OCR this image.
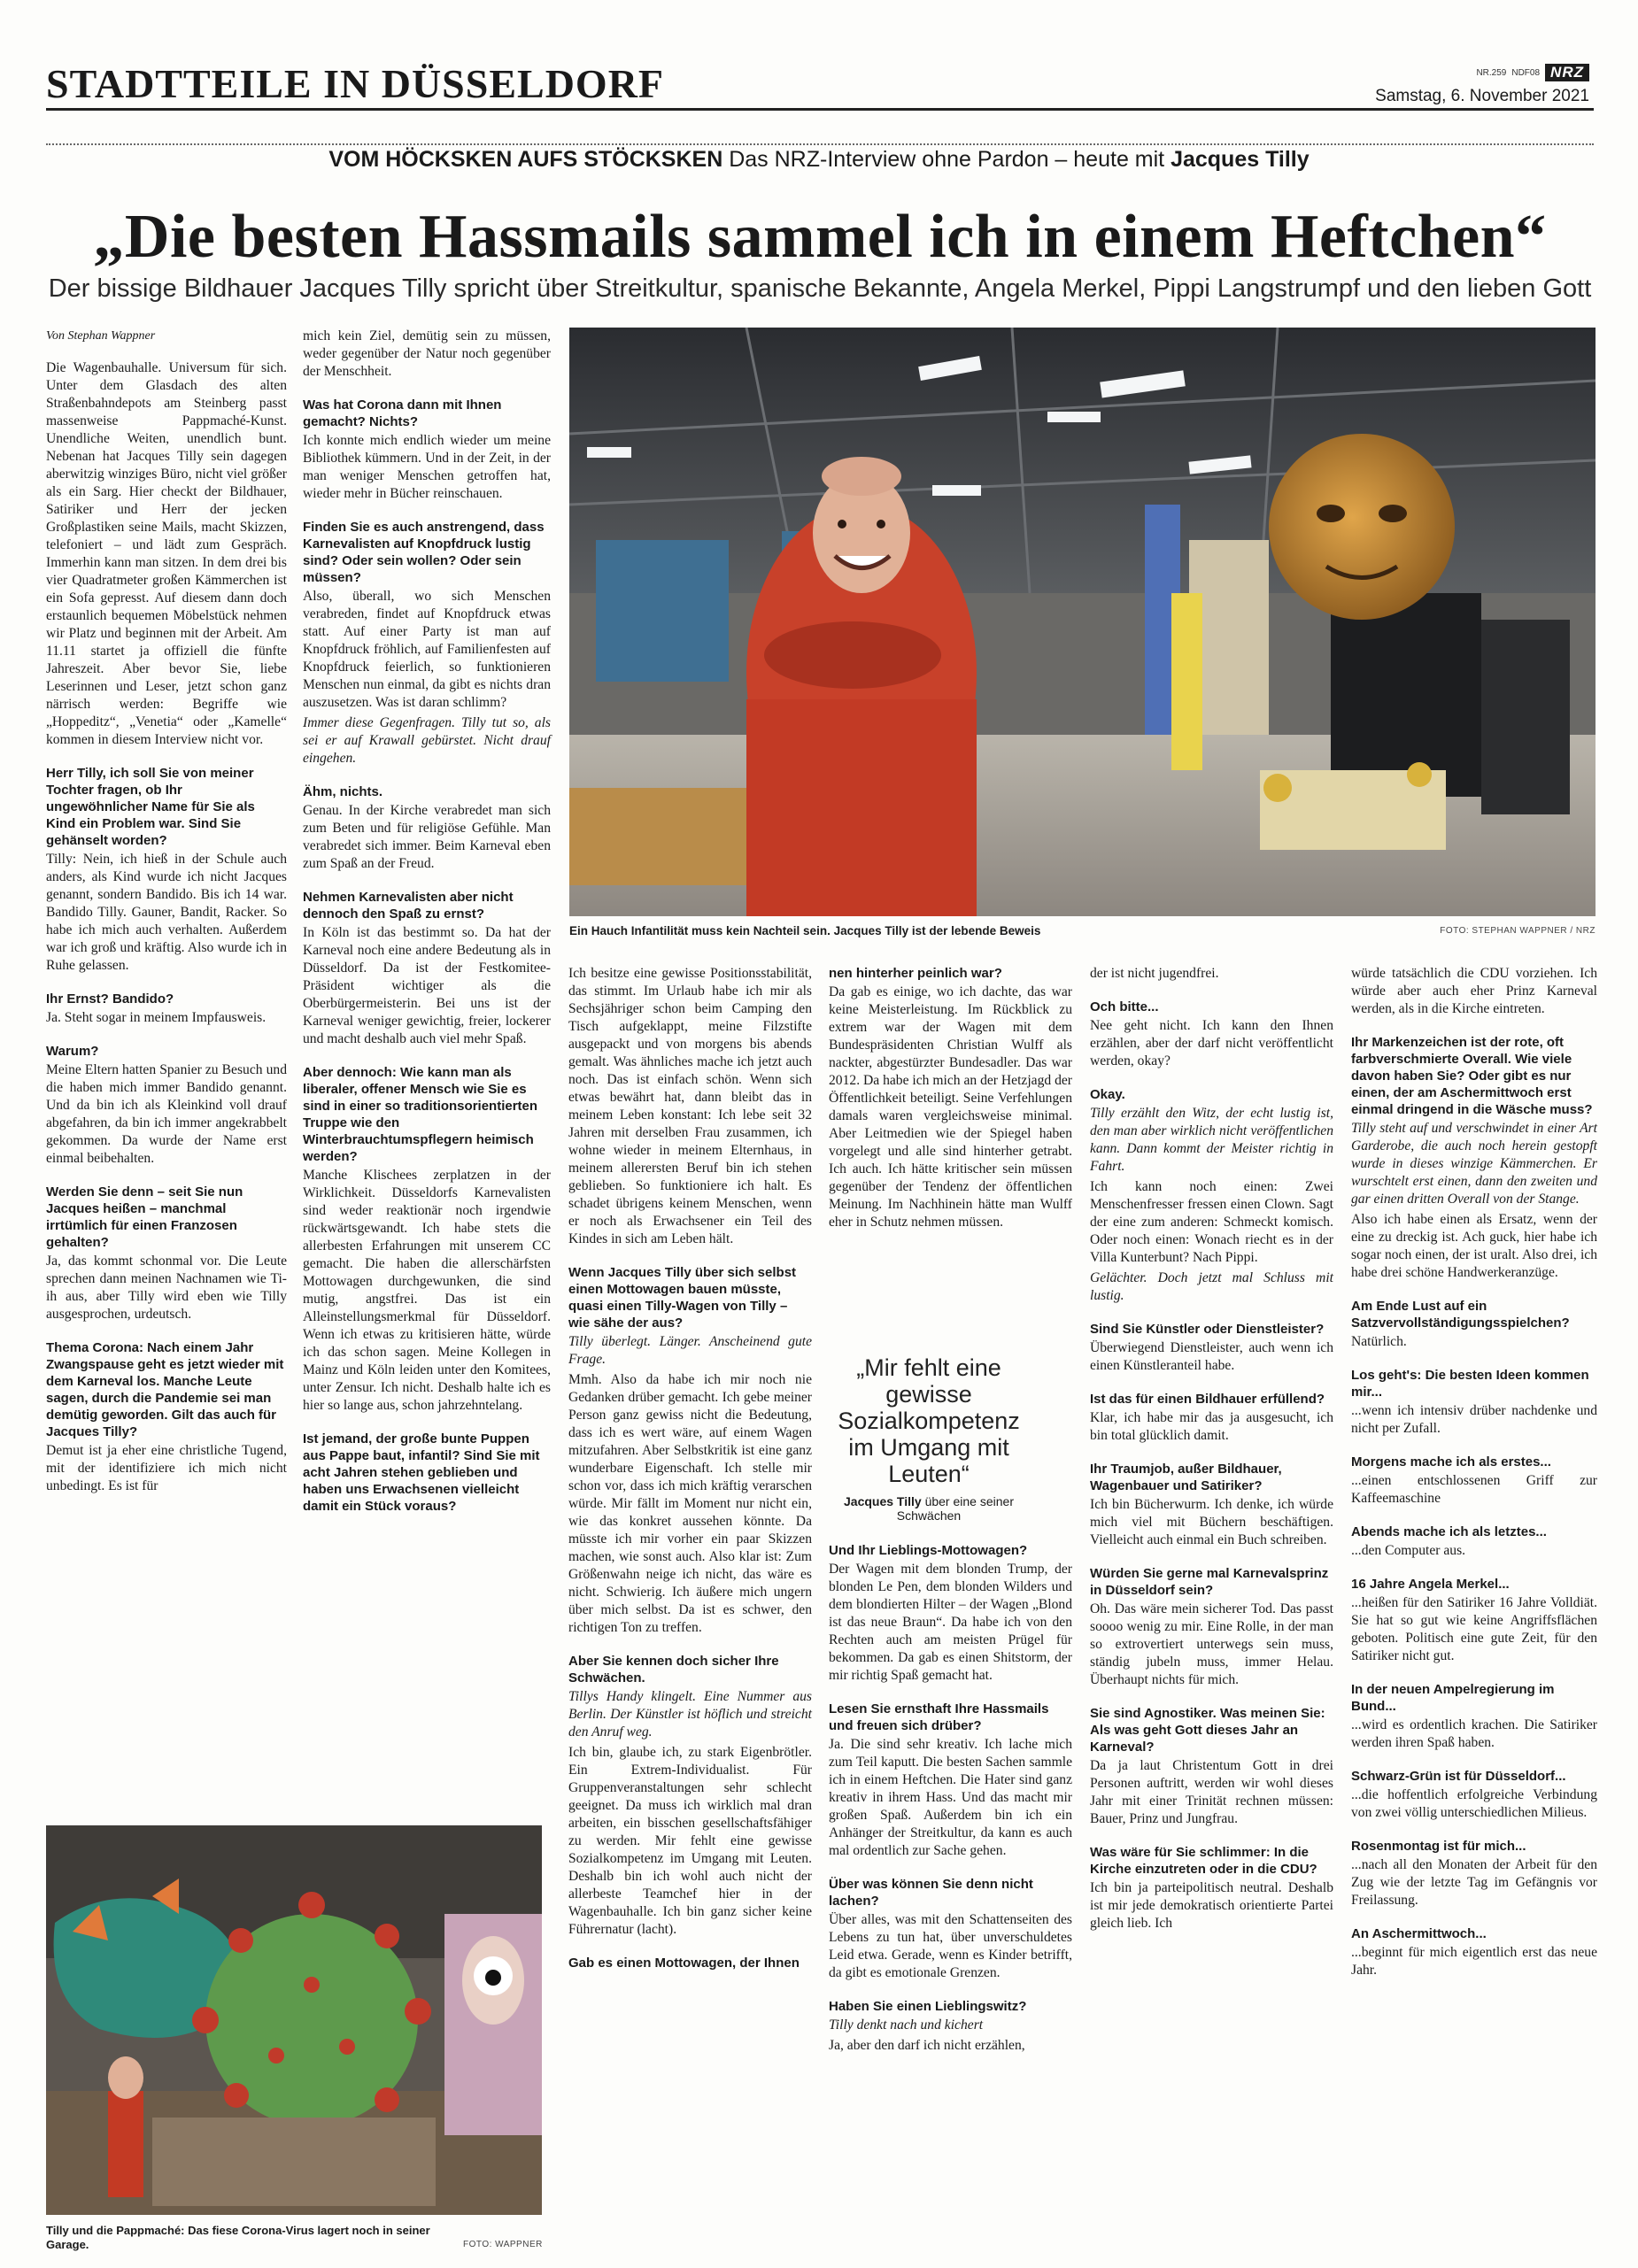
STADTTEILE IN DÜSSELDORF	NR.259 NDF08 NRZ
Samstag, 6. November 2021
VOM HÖCKSKEN AUFS STÖCKSKEN Das NRZ-Interview ohne Pardon – heute mit Jacques Tilly
„Die besten Hassmails sammel ich in einem Heftchen“
Der bissige Bildhauer Jacques Tilly spricht über Streitkultur, spanische Bekannte, Angela Merkel, Pippi Langstrumpf und den lieben Gott
Ein Hauch Infantilität muss kein Nachteil sein. Jacques Tilly ist der lebende Beweis	FOTO: STEPHAN WAPPNER / NRZ
Tilly und die Pappmaché: Das fiese Corona-Virus lagert noch in seiner Garage.	FOTO: WAPPNER
„Mir fehlt eine gewisse Sozialkompetenz im Umgang mit Leuten“
Jacques Tilly über eine seiner Schwächen
Von Stephan Wappner

Die Wagenbauhalle. Universum für sich. Unter dem Glasdach des alten Straßenbahndepots am Steinberg passt massenweise Pappmaché-Kunst. Unendliche Weiten, unendlich bunt. Nebenan hat Jacques Tilly sein dagegen aberwitzig winziges Büro, nicht viel größer als ein Sarg. Hier checkt der Bildhauer, Satiriker und Herr der jecken Großplastiken seine Mails, macht Skizzen, telefoniert – und lädt zum Gespräch. Immerhin kann man sitzen. In dem drei bis vier Quadratmeter großen Kämmerchen ist ein Sofa gepresst. Auf diesem dann doch erstaunlich bequemen Möbelstück nehmen wir Platz und beginnen mit der Arbeit. Am 11.11 startet ja offiziell die fünfte Jahreszeit. Aber bevor Sie, liebe Leserinnen und Leser, jetzt schon ganz närrisch werden: Begriffe wie „Hoppeditz“, „Venetia“ oder „Kamelle“ kommen in diesem Interview nicht vor.

Herr Tilly, ich soll Sie von meiner Tochter fragen, ob Ihr ungewöhnlicher Name für Sie als Kind ein Problem war. Sind Sie gehänselt worden?

Tilly: Nein, ich hieß in der Schule auch anders, als Kind wurde ich nicht Jacques genannt, sondern Bandido. Bis ich 14 war. Bandido Tilly. Gauner, Bandit, Racker. So habe ich mich auch verhalten. Außerdem war ich groß und kräftig. Also wurde ich in Ruhe gelassen.

Ihr Ernst? Bandido?

Ja. Steht sogar in meinem Impfausweis.

Warum?

Meine Eltern hatten Spanier zu Besuch und die haben mich immer Bandido genannt. Und da bin ich als Kleinkind voll drauf abgefahren, da bin ich immer angekrabbelt gekommen. Da wurde der Name erst einmal beibehalten.

Werden Sie denn – seit Sie nun Jacques heißen – manchmal irrtümlich für einen Franzosen gehalten?

Ja, das kommt schonmal vor. Die Leute sprechen dann meinen Nachnamen wie Ti-ih aus, aber Tilly wird eben wie Tilly ausgesprochen, urdeutsch.

Thema Corona: Nach einem Jahr Zwangspause geht es jetzt wieder mit dem Karneval los. Manche Leute sagen, durch die Pandemie sei man demütig geworden. Gilt das auch für Jacques Tilly?

Demut ist ja eher eine christliche Tugend, mit der identifiziere ich mich nicht unbedingt. Es ist für

mich kein Ziel, demütig sein zu müssen, weder gegenüber der Natur noch gegenüber der Menschheit.

Was hat Corona dann mit Ihnen gemacht? Nichts?

Ich konnte mich endlich wieder um meine Bibliothek kümmern. Und in der Zeit, in der man weniger Menschen getroffen hat, wieder mehr in Bücher reinschauen.

Finden Sie es auch anstrengend, dass Karnevalisten auf Knopfdruck lustig sind? Oder sein wollen? Oder sein müssen?

Also, überall, wo sich Menschen verabreden, findet auf Knopfdruck etwas statt. Auf einer Party ist man auf Knopfdruck fröhlich, auf Familienfesten auf Knopfdruck feierlich, so funktionieren Menschen nun einmal, da gibt es nichts dran auszusetzen. Was ist daran schlimm?

Immer diese Gegenfragen. Tilly tut so, als sei er auf Krawall gebürstet. Nicht drauf eingehen.

Ähm, nichts.

Genau. In der Kirche verabredet man sich zum Beten und für religiöse Gefühle. Man verabredet sich immer. Beim Karneval eben zum Spaß an der Freud.

Nehmen Karnevalisten aber nicht dennoch den Spaß zu ernst?

In Köln ist das bestimmt so. Da hat der Karneval noch eine andere Bedeutung als in Düsseldorf. Da ist der Festkomitee-Präsident wichtiger als die Oberbürgermeisterin. Bei uns ist der Karneval weniger gewichtig, freier, lockerer und macht deshalb auch viel mehr Spaß.

Aber dennoch: Wie kann man als liberaler, offener Mensch wie Sie es sind in einer so traditionsorientierten Truppe wie den Winterbrauchtumspflegern heimisch werden?

Manche Klischees zerplatzen in der Wirklichkeit. Düsseldorfs Karnevalisten sind weder reaktionär noch irgendwie rückwärtsgewandt. Ich habe stets die allerbesten Erfahrungen mit unserem CC gemacht. Die haben die allerschärfsten Mottowagen durchgewunken, die sind mutig, angstfrei. Das ist ein Alleinstellungsmerkmal für Düsseldorf. Wenn ich etwas zu kritisieren hätte, würde ich das schon sagen. Meine Kollegen in Mainz und Köln leiden unter den Komitees, unter Zensur. Ich nicht. Deshalb halte ich es hier so lange aus, schon jahrzehntelang.

Ist jemand, der große bunte Puppen aus Pappe baut, infantil? Sind Sie mit acht Jahren stehen geblieben und haben uns Erwachsenen vielleicht damit ein Stück voraus?

Ich besitze eine gewisse Positionsstabilität, das stimmt. Im Urlaub habe ich mir als Sechsjähriger schon beim Camping den Tisch aufgeklappt, meine Filzstifte ausgepackt und von morgens bis abends gemalt. Was ähnliches mache ich jetzt auch noch. Das ist einfach schön. Wenn sich etwas bewährt hat, dann bleibt das in meinem Leben konstant: Ich lebe seit 32 Jahren mit derselben Frau zusammen, ich wohne wieder in meinem Elternhaus, in meinem allerersten Beruf bin ich stehen geblieben. So funktioniere ich halt. Es schadet übrigens keinem Menschen, wenn er noch als Erwachsener ein Teil des Kindes in sich am Leben hält.

Wenn Jacques Tilly über sich selbst einen Mottowagen bauen müsste, quasi einen Tilly-Wagen von Tilly – wie sähe der aus?

Tilly überlegt. Länger. Anscheinend gute Frage.

Mmh. Also da habe ich mir noch nie Gedanken drüber gemacht. Ich gebe meiner Person ganz gewiss nicht die Bedeutung, dass ich es wert wäre, auf einem Wagen mitzufahren. Aber Selbstkritik ist eine ganz wunderbare Eigenschaft. Ich stelle mir schon vor, dass ich mich kräftig verarschen würde. Mir fällt im Moment nur nicht ein, wie das konkret aussehen könnte. Da müsste ich mir vorher ein paar Skizzen machen, wie sonst auch. Also klar ist: Zum Größenwahn neige ich nicht, das wäre es nicht. Schwierig. Ich äußere mich ungern über mich selbst. Da ist es schwer, den richtigen Ton zu treffen.

Aber Sie kennen doch sicher Ihre Schwächen.

Tillys Handy klingelt. Eine Nummer aus Berlin. Der Künstler ist höflich und streicht den Anruf weg.

Ich bin, glaube ich, zu stark Eigenbrötler. Ein Extrem-Individualist. Für Gruppenveranstaltungen sehr schlecht geeignet. Da muss ich wirklich mal dran arbeiten, ein bisschen gesellschaftsfähiger zu werden. Mir fehlt eine gewisse Sozialkompetenz im Umgang mit Leuten. Deshalb bin ich wohl auch nicht der allerbeste Teamchef hier in der Wagenbauhalle. Ich bin ganz sicher keine Führernatur (lacht).

Gab es einen Mottowagen, der Ihnen
nen hinterher peinlich war?

Da gab es einige, wo ich dachte, das war keine Meisterleistung. Im Rückblick zu extrem war der Wagen mit dem Bundespräsidenten Christian Wulff als nackter, abgestürzter Bundesadler. Das war 2012. Da habe ich mich an der Hetzjagd der Öffentlichkeit beteiligt. Seine Verfehlungen damals waren vergleichsweise minimal. Aber Leitmedien wie der Spiegel haben vorgelegt und alle sind hinterher getrabt. Ich auch. Ich hätte kritischer sein müssen gegenüber der Tendenz der öffentlichen Meinung. Im Nachhinein hätte man Wulff eher in Schutz nehmen müssen.

Und Ihr Lieblings-Mottowagen?

Der Wagen mit dem blonden Trump, der blonden Le Pen, dem blonden Wilders und dem blondierten Hilter – der Wagen „Blond ist das neue Braun“. Da habe ich von den Rechten auch am meisten Prügel für bekommen. Da gab es einen Shitstorm, der mir richtig Spaß gemacht hat.

Lesen Sie ernsthaft Ihre Hassmails und freuen sich drüber?

Ja. Die sind sehr kreativ. Ich lache mich zum Teil kaputt. Die besten Sachen sammle ich in einem Heftchen. Die Hater sind ganz kreativ in ihrem Hass. Und das macht mir großen Spaß. Außerdem bin ich ein Anhänger der Streitkultur, da kann es auch mal ordentlich zur Sache gehen.

Über was können Sie denn nicht lachen?

Über alles, was mit den Schattenseiten des Lebens zu tun hat, über unverschuldetes Leid etwa. Gerade, wenn es Kinder betrifft, da gibt es emotionale Grenzen.

Haben Sie einen Lieblingswitz?

Tilly denkt nach und kichert

Ja, aber den darf ich nicht erzählen,

der ist nicht jugendfrei.

Och bitte...

Nee geht nicht. Ich kann den Ihnen erzählen, aber der darf nicht veröffentlicht werden, okay?

Okay.

Tilly erzählt den Witz, der echt lustig ist, den man aber wirklich nicht veröffentlichen kann. Dann kommt der Meister richtig in Fahrt.

Ich kann noch einen: Zwei Menschenfresser fressen einen Clown. Sagt der eine zum anderen: Schmeckt komisch. Oder noch einen: Wonach riecht es in der Villa Kunterbunt? Nach Pippi.

Gelächter. Doch jetzt mal Schluss mit lustig.

Sind Sie Künstler oder Dienstleister?

Überwiegend Dienstleister, auch wenn ich einen Künstleranteil habe.

Ist das für einen Bildhauer erfüllend?

Klar, ich habe mir das ja ausgesucht, ich bin total glücklich damit.

Ihr Traumjob, außer Bildhauer, Wagenbauer und Satiriker?

Ich bin Bücherwurm. Ich denke, ich würde mich viel mit Büchern beschäftigen. Vielleicht auch einmal ein Buch schreiben.

Würden Sie gerne mal Karnevalsprinz in Düsseldorf sein?

Oh. Das wäre mein sicherer Tod. Das passt soooo wenig zu mir. Eine Rolle, in der man so extrovertiert unterwegs sein muss, ständig jubeln muss, immer Helau. Überhaupt nichts für mich.

Sie sind Agnostiker. Was meinen Sie: Als was geht Gott dieses Jahr an Karneval?

Da ja laut Christentum Gott in drei Personen auftritt, werden wir wohl dieses Jahr mit einer Trinität rechnen müssen: Bauer, Prinz und Jungfrau.

Was wäre für Sie schlimmer: In die Kirche einzutreten oder in die CDU?

Ich bin ja parteipolitisch neutral. Deshalb ist mir jede demokratisch orientierte Partei gleich lieb. Ich

würde tatsächlich die CDU vorziehen. Ich würde aber auch eher Prinz Karneval werden, als in die Kirche eintreten.

Ihr Markenzeichen ist der rote, oft farbverschmierte Overall. Wie viele davon haben Sie? Oder gibt es nur einen, der am Aschermittwoch erst einmal dringend in die Wäsche muss?

Tilly steht auf und verschwindet in einer Art Garderobe, die auch noch herein gestopft wurde in dieses winzige Kämmerchen. Er wurschtelt erst einen, dann den zweiten und gar einen dritten Overall von der Stange.

Also ich habe einen als Ersatz, wenn der eine zu dreckig ist. Ach guck, hier habe ich sogar noch einen, der ist uralt. Also drei, ich habe drei schöne Handwerkeranzüge.

Am Ende Lust auf ein Satzvervollständigungsspielchen?

Natürlich.

Los geht's: Die besten Ideen kommen mir...

...wenn ich intensiv drüber nachdenke und nicht per Zufall.

Morgens mache ich als erstes...

...einen entschlossenen Griff zur Kaffeemaschine

Abends mache ich als letztes...

...den Computer aus.

16 Jahre Angela Merkel...

...heißen für den Satiriker 16 Jahre Volldiät. Sie hat so gut wie keine Angriffsflächen geboten. Politisch eine gute Zeit, für den Satiriker nicht gut.

In der neuen Ampelregierung im Bund...

...wird es ordentlich krachen. Die Satiriker werden ihren Spaß haben.

Schwarz-Grün ist für Düsseldorf...

...die hoffentlich erfolgreiche Verbindung von zwei völlig unterschiedlichen Milieus.

Rosenmontag ist für mich...

...nach all den Monaten der Arbeit für den Zug wie der letzte Tag im Gefängnis vor Freilassung.

An Aschermittwoch...

...beginnt für mich eigentlich erst das neue Jahr.
